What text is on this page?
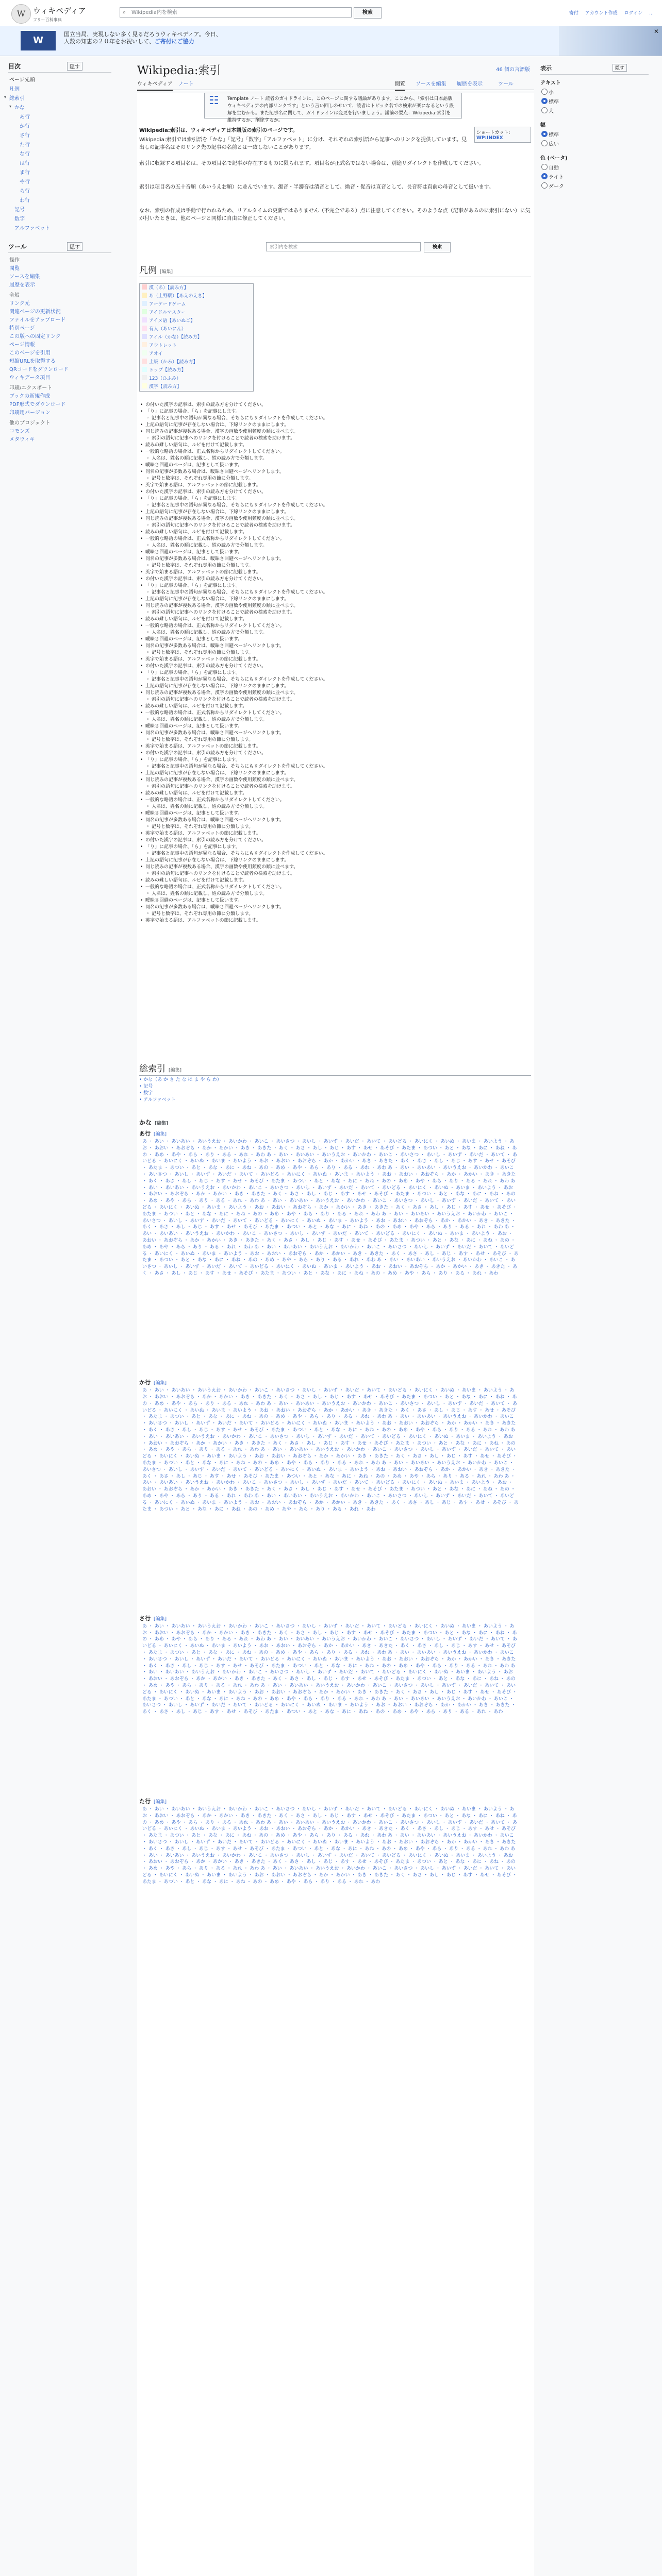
W ウィキペディア
フリー百科事典
Wikipedia内を検索
⌕	検索	寄付 アカウント作成 ログイン …
W
国立当局、実現しない多く見るだろうウィキペディア。今日、
人数の知恵の２０年をお祝いして、ご寄付にご協力
✕
目次	隠す
ページ先頭
凡例
▾ 総索引
▾ かな
あ行
か行
さ行
た行
な行
は行
ま行
や行
ら行
わ行
記号
数字
アルファベット
ツール	隠す
操作
閲覧
ソースを編集
履歴を表示
全般
リンク元
関連ページの更新状況
ファイルをアップロード
特別ページ
この版への固定リンク
ページ情報
このページを引用
短縮URLを取得する
QRコードをダウンロード
ウィキデータ項目
印刷/エクスポート
ブックの新規作成
PDF形式でダウンロード
印刷用バージョン
他のプロジェクト
コモンズ
メタウィキ
Wikipedia:索引	46 個の言語版
ウィキペディア ノート	閲覧 ソースを編集 履歴を表示	ツール
☷	Template ノート 読者のガイドラインに、このページに関する議論があります。ここから、「索引は日本語版ウィキペディアの内部リンクです」という言い回しのせいで、読者はトピック名での検索が楽になるという誤解を生むかも。また記事名に関して、ガイドラインは変更を行いましょう。議論の要点：Wikipedia:索引を維持するか、削除するか。
ショートカット:
WP:INDEX
Wikipedia:索引は、ウィキペディア日本語版の索引のページです。
Wikipedia:索引では索引語を「かな」「記号」「数字」「アルファベット」に分け、それぞれの索引語から記事へのリンクを提供しています。見出しの記事名はそのリンク先の記事の名前とは一致しないことがあります。
索引に収録する項目名は、その項目名で記事が存在するものに限られます。項目名が正式名ではない場合は、別途リダイレクトを作成してください。
索引は項目名の五十音順（あいうえお順）に並んでいます。濁音・半濁音は清音として、拗音・促音は直音として、長音符は直前の母音として扱います。
なお、索引の作成は手動で行われるため、リアルタイムの更新ではありません（不完全である）点に注意してください。そのような点（記事があるのに索引にない）に気が付いたときは、他のページと同様に自由に修正してください。
索引内を検索	検索
凡例 [編集]
漢（あ）【読み方】
あ（上野駅）【あえのえき】
アーケードゲーム
アイドルマスター
アイヌ語【あいぬご】
有人（あいにん）
アイル（かな）【読み方】
アウトレット
アオイ
上級（かみ）【読み方】
トップ【読み方】
123（ひふみ）
漢字【読み方】
• の付いた漢字の記事は、索引の読み方を分けてください。
• 「り」に記事の場合、「ら」を記事にします。
◦ 記事名と記事中の語句が異なる場合、そちらにもリダイレクトを作成してください。
• 上記の語句に記事が存在しない場合は、下線リンクのままにします。
• 同じ読みの記事が複数ある場合、漢字の画数や使用頻度の順に並べます。
◦ 索引の語句に記事へのリンクを付けることで読者の検索を助けます。
• 読みの難しい語句は、ルビを付けて記載します。
• 一般的な略語の場合は、正式名称からリダイレクトしてください。
◦ 人名は、姓名の順に記載し、姓の読み方で分類します。
• 曖昧さ回避のページは、記事として扱います。
• 同名の記事が多数ある場合は、曖昧さ回避ページへリンクします。
◦ 記号と数字は、それぞれ専用の節に分類します。
• 英字で始まる語は、アルファベットの節に記載します。
• の付いた漢字の記事は、索引の読み方を分けてください。
• 「り」に記事の場合、「ら」を記事にします。
◦ 記事名と記事中の語句が異なる場合、そちらにもリダイレクトを作成してください。
• 上記の語句に記事が存在しない場合は、下線リンクのままにします。
• 同じ読みの記事が複数ある場合、漢字の画数や使用頻度の順に並べます。
◦ 索引の語句に記事へのリンクを付けることで読者の検索を助けます。
• 読みの難しい語句は、ルビを付けて記載します。
• 一般的な略語の場合は、正式名称からリダイレクトしてください。
◦ 人名は、姓名の順に記載し、姓の読み方で分類します。
• 曖昧さ回避のページは、記事として扱います。
• 同名の記事が多数ある場合は、曖昧さ回避ページへリンクします。
◦ 記号と数字は、それぞれ専用の節に分類します。
• 英字で始まる語は、アルファベットの節に記載します。
• の付いた漢字の記事は、索引の読み方を分けてください。
• 「り」に記事の場合、「ら」を記事にします。
◦ 記事名と記事中の語句が異なる場合、そちらにもリダイレクトを作成してください。
• 上記の語句に記事が存在しない場合は、下線リンクのままにします。
• 同じ読みの記事が複数ある場合、漢字の画数や使用頻度の順に並べます。
◦ 索引の語句に記事へのリンクを付けることで読者の検索を助けます。
• 読みの難しい語句は、ルビを付けて記載します。
• 一般的な略語の場合は、正式名称からリダイレクトしてください。
◦ 人名は、姓名の順に記載し、姓の読み方で分類します。
• 曖昧さ回避のページは、記事として扱います。
• 同名の記事が多数ある場合は、曖昧さ回避ページへリンクします。
◦ 記号と数字は、それぞれ専用の節に分類します。
• 英字で始まる語は、アルファベットの節に記載します。
• の付いた漢字の記事は、索引の読み方を分けてください。
• 「り」に記事の場合、「ら」を記事にします。
◦ 記事名と記事中の語句が異なる場合、そちらにもリダイレクトを作成してください。
• 上記の語句に記事が存在しない場合は、下線リンクのままにします。
• 同じ読みの記事が複数ある場合、漢字の画数や使用頻度の順に並べます。
◦ 索引の語句に記事へのリンクを付けることで読者の検索を助けます。
• 読みの難しい語句は、ルビを付けて記載します。
• 一般的な略語の場合は、正式名称からリダイレクトしてください。
◦ 人名は、姓名の順に記載し、姓の読み方で分類します。
• 曖昧さ回避のページは、記事として扱います。
• 同名の記事が多数ある場合は、曖昧さ回避ページへリンクします。
◦ 記号と数字は、それぞれ専用の節に分類します。
• 英字で始まる語は、アルファベットの節に記載します。
• の付いた漢字の記事は、索引の読み方を分けてください。
• 「り」に記事の場合、「ら」を記事にします。
◦ 記事名と記事中の語句が異なる場合、そちらにもリダイレクトを作成してください。
• 上記の語句に記事が存在しない場合は、下線リンクのままにします。
• 同じ読みの記事が複数ある場合、漢字の画数や使用頻度の順に並べます。
◦ 索引の語句に記事へのリンクを付けることで読者の検索を助けます。
• 読みの難しい語句は、ルビを付けて記載します。
• 一般的な略語の場合は、正式名称からリダイレクトしてください。
◦ 人名は、姓名の順に記載し、姓の読み方で分類します。
• 曖昧さ回避のページは、記事として扱います。
• 同名の記事が多数ある場合は、曖昧さ回避ページへリンクします。
◦ 記号と数字は、それぞれ専用の節に分類します。
• 英字で始まる語は、アルファベットの節に記載します。
• の付いた漢字の記事は、索引の読み方を分けてください。
• 「り」に記事の場合、「ら」を記事にします。
◦ 記事名と記事中の語句が異なる場合、そちらにもリダイレクトを作成してください。
• 上記の語句に記事が存在しない場合は、下線リンクのままにします。
• 同じ読みの記事が複数ある場合、漢字の画数や使用頻度の順に並べます。
◦ 索引の語句に記事へのリンクを付けることで読者の検索を助けます。
• 読みの難しい語句は、ルビを付けて記載します。
• 一般的な略語の場合は、正式名称からリダイレクトしてください。
◦ 人名は、姓名の順に記載し、姓の読み方で分類します。
• 曖昧さ回避のページは、記事として扱います。
• 同名の記事が多数ある場合は、曖昧さ回避ページへリンクします。
◦ 記号と数字は、それぞれ専用の節に分類します。
• 英字で始まる語は、アルファベットの節に記載します。
総索引 [編集]
• かな（あ か さ た な は ま や ら わ）
• 記号
• 数字
• アルファベット
かな [編集]
あ行 [編集]
あ ・ あい ・ あいあい ・ あいうえお ・ あいかわ ・ あいこ ・ あいさつ ・ あいし ・ あいず ・ あいだ ・ あいて ・ あいどる ・ あいにく ・ あいぬ ・ あいま ・ あいよう ・ あお ・ あおい ・ あおぞら ・ あか ・ あかい ・ あき ・ あきた ・ あく ・ あさ ・ あし ・ あじ ・ あす ・ あせ ・ あそび ・ あたま ・ あつい ・ あと ・ あな ・ あに ・ あね ・ あの ・ あめ ・ あや ・ あら ・ あり ・ ある ・ あれ ・ あわ あ ・ あい ・ あいあい ・ あいうえお ・ あいかわ ・ あいこ ・ あいさつ ・ あいし ・ あいず ・ あいだ ・ あいて ・ あいどる ・ あいにく ・ あいぬ ・ あいま ・ あいよう ・ あお ・ あおい ・ あおぞら ・ あか ・ あかい ・ あき ・ あきた ・ あく ・ あさ ・ あし ・ あじ ・ あす ・ あせ ・ あそび ・ あたま ・ あつい ・ あと ・ あな ・ あに ・ あね ・ あの ・ あめ ・ あや ・ あら ・ あり ・ ある ・ あれ ・ あわ あ ・ あい ・ あいあい ・ あいうえお ・ あいかわ ・ あいこ ・ あいさつ ・ あいし ・ あいず ・ あいだ ・ あいて ・ あいどる ・ あいにく ・ あいぬ ・ あいま ・ あいよう ・ あお ・ あおい ・ あおぞら ・ あか ・ あかい ・ あき ・ あきた ・ あく ・ あさ ・ あし ・ あじ ・ あす ・ あせ ・ あそび ・ あたま ・ あつい ・ あと ・ あな ・ あに ・ あね ・ あの ・ あめ ・ あや ・ あら ・ あり ・ ある ・ あれ ・ あわ あ ・ あい ・ あいあい ・ あいうえお ・ あいかわ ・ あいこ ・ あいさつ ・ あいし ・ あいず ・ あいだ ・ あいて ・ あいどる ・ あいにく ・ あいぬ ・ あいま ・ あいよう ・ あお ・ あおい ・ あおぞら ・ あか ・ あかい ・ あき ・ あきた ・ あく ・ あさ ・ あし ・ あじ ・ あす ・ あせ ・ あそび ・ あたま ・ あつい ・ あと ・ あな ・ あに ・ あね ・ あの ・ あめ ・ あや ・ あら ・ あり ・ ある ・ あれ ・ あわ あ ・ あい ・ あいあい ・ あいうえお ・ あいかわ ・ あいこ ・ あいさつ ・ あいし ・ あいず ・ あいだ ・ あいて ・ あいどる ・ あいにく ・ あいぬ ・ あいま ・ あいよう ・ あお ・ あおい ・ あおぞら ・ あか ・ あかい ・ あき ・ あきた ・ あく ・ あさ ・ あし ・ あじ ・ あす ・ あせ ・ あそび ・ あたま ・ あつい ・ あと ・ あな ・ あに ・ あね ・ あの ・ あめ ・ あや ・ あら ・ あり ・ ある ・ あれ ・ あわ あ ・ あい ・ あいあい ・ あいうえお ・ あいかわ ・ あいこ ・ あいさつ ・ あいし ・ あいず ・ あいだ ・ あいて ・ あいどる ・ あいにく ・ あいぬ ・ あいま ・ あいよう ・ あお ・ あおい ・ あおぞら ・ あか ・ あかい ・ あき ・ あきた ・ あく ・ あさ ・ あし ・ あじ ・ あす ・ あせ ・ あそび ・ あたま ・ あつい ・ あと ・ あな ・ あに ・ あね ・ あの ・ あめ ・ あや ・ あら ・ あり ・ ある ・ あれ ・ あわ あ ・ あい ・ あいあい ・ あいうえお ・ あいかわ ・ あいこ ・ あいさつ ・ あいし ・ あいず ・ あいだ ・ あいて ・ あいどる ・ あいにく ・ あいぬ ・ あいま ・ あいよう ・ あお ・ あおい ・ あおぞら ・ あか ・ あかい ・ あき ・ あきた ・ あく ・ あさ ・ あし ・ あじ ・ あす ・ あせ ・ あそび ・ あたま ・ あつい ・ あと ・ あな ・ あに ・ あね ・ あの ・ あめ ・ あや ・ あら ・ あり ・ ある ・ あれ ・ あわ あ ・ あい ・ あいあい ・ あいうえお ・ あいかわ ・ あいこ ・ あいさつ ・ あいし ・ あいず ・ あいだ ・ あいて ・ あいどる ・ あいにく ・ あいぬ ・ あいま ・ あいよう ・ あお ・ あおい ・ あおぞら ・ あか ・ あかい ・ あき ・ あきた ・ あく ・ あさ ・ あし ・ あじ ・ あす ・ あせ ・ あそび ・ あたま ・ あつい ・ あと ・ あな ・ あに ・ あね ・ あの ・ あめ ・ あや ・ あら ・ あり ・ ある ・ あれ ・ あわ あ ・ あい ・ あいあい ・ あいうえお ・ あいかわ ・ あいこ ・ あいさつ ・ あいし ・ あいず ・ あいだ ・ あいて ・ あいどる ・ あいにく ・ あいぬ ・ あいま ・ あいよう ・ あお ・ あおい ・ あおぞら ・ あか ・ あかい ・ あき ・ あきた ・ あく ・ あさ ・ あし ・ あじ ・ あす ・ あせ ・ あそび ・ あたま ・ あつい ・ あと ・ あな ・ あに ・ あね ・ あの ・ あめ ・ あや ・ あら ・ あり ・ ある ・ あれ ・ あわ
か行 [編集]
あ ・ あい ・ あいあい ・ あいうえお ・ あいかわ ・ あいこ ・ あいさつ ・ あいし ・ あいず ・ あいだ ・ あいて ・ あいどる ・ あいにく ・ あいぬ ・ あいま ・ あいよう ・ あお ・ あおい ・ あおぞら ・ あか ・ あかい ・ あき ・ あきた ・ あく ・ あさ ・ あし ・ あじ ・ あす ・ あせ ・ あそび ・ あたま ・ あつい ・ あと ・ あな ・ あに ・ あね ・ あの ・ あめ ・ あや ・ あら ・ あり ・ ある ・ あれ ・ あわ あ ・ あい ・ あいあい ・ あいうえお ・ あいかわ ・ あいこ ・ あいさつ ・ あいし ・ あいず ・ あいだ ・ あいて ・ あいどる ・ あいにく ・ あいぬ ・ あいま ・ あいよう ・ あお ・ あおい ・ あおぞら ・ あか ・ あかい ・ あき ・ あきた ・ あく ・ あさ ・ あし ・ あじ ・ あす ・ あせ ・ あそび ・ あたま ・ あつい ・ あと ・ あな ・ あに ・ あね ・ あの ・ あめ ・ あや ・ あら ・ あり ・ ある ・ あれ ・ あわ あ ・ あい ・ あいあい ・ あいうえお ・ あいかわ ・ あいこ ・ あいさつ ・ あいし ・ あいず ・ あいだ ・ あいて ・ あいどる ・ あいにく ・ あいぬ ・ あいま ・ あいよう ・ あお ・ あおい ・ あおぞら ・ あか ・ あかい ・ あき ・ あきた ・ あく ・ あさ ・ あし ・ あじ ・ あす ・ あせ ・ あそび ・ あたま ・ あつい ・ あと ・ あな ・ あに ・ あね ・ あの ・ あめ ・ あや ・ あら ・ あり ・ ある ・ あれ ・ あわ あ ・ あい ・ あいあい ・ あいうえお ・ あいかわ ・ あいこ ・ あいさつ ・ あいし ・ あいず ・ あいだ ・ あいて ・ あいどる ・ あいにく ・ あいぬ ・ あいま ・ あいよう ・ あお ・ あおい ・ あおぞら ・ あか ・ あかい ・ あき ・ あきた ・ あく ・ あさ ・ あし ・ あじ ・ あす ・ あせ ・ あそび ・ あたま ・ あつい ・ あと ・ あな ・ あに ・ あね ・ あの ・ あめ ・ あや ・ あら ・ あり ・ ある ・ あれ ・ あわ あ ・ あい ・ あいあい ・ あいうえお ・ あいかわ ・ あいこ ・ あいさつ ・ あいし ・ あいず ・ あいだ ・ あいて ・ あいどる ・ あいにく ・ あいぬ ・ あいま ・ あいよう ・ あお ・ あおい ・ あおぞら ・ あか ・ あかい ・ あき ・ あきた ・ あく ・ あさ ・ あし ・ あじ ・ あす ・ あせ ・ あそび ・ あたま ・ あつい ・ あと ・ あな ・ あに ・ あね ・ あの ・ あめ ・ あや ・ あら ・ あり ・ ある ・ あれ ・ あわ あ ・ あい ・ あいあい ・ あいうえお ・ あいかわ ・ あいこ ・ あいさつ ・ あいし ・ あいず ・ あいだ ・ あいて ・ あいどる ・ あいにく ・ あいぬ ・ あいま ・ あいよう ・ あお ・ あおい ・ あおぞら ・ あか ・ あかい ・ あき ・ あきた ・ あく ・ あさ ・ あし ・ あじ ・ あす ・ あせ ・ あそび ・ あたま ・ あつい ・ あと ・ あな ・ あに ・ あね ・ あの ・ あめ ・ あや ・ あら ・ あり ・ ある ・ あれ ・ あわ あ ・ あい ・ あいあい ・ あいうえお ・ あいかわ ・ あいこ ・ あいさつ ・ あいし ・ あいず ・ あいだ ・ あいて ・ あいどる ・ あいにく ・ あいぬ ・ あいま ・ あいよう ・ あお ・ あおい ・ あおぞら ・ あか ・ あかい ・ あき ・ あきた ・ あく ・ あさ ・ あし ・ あじ ・ あす ・ あせ ・ あそび ・ あたま ・ あつい ・ あと ・ あな ・ あに ・ あね ・ あの ・ あめ ・ あや ・ あら ・ あり ・ ある ・ あれ ・ あわ あ ・ あい ・ あいあい ・ あいうえお ・ あいかわ ・ あいこ ・ あいさつ ・ あいし ・ あいず ・ あいだ ・ あいて ・ あいどる ・ あいにく ・ あいぬ ・ あいま ・ あいよう ・ あお ・ あおい ・ あおぞら ・ あか ・ あかい ・ あき ・ あきた ・ あく ・ あさ ・ あし ・ あじ ・ あす ・ あせ ・ あそび ・ あたま ・ あつい ・ あと ・ あな ・ あに ・ あね ・ あの ・ あめ ・ あや ・ あら ・ あり ・ ある ・ あれ ・ あわ
さ行 [編集]
あ ・ あい ・ あいあい ・ あいうえお ・ あいかわ ・ あいこ ・ あいさつ ・ あいし ・ あいず ・ あいだ ・ あいて ・ あいどる ・ あいにく ・ あいぬ ・ あいま ・ あいよう ・ あお ・ あおい ・ あおぞら ・ あか ・ あかい ・ あき ・ あきた ・ あく ・ あさ ・ あし ・ あじ ・ あす ・ あせ ・ あそび ・ あたま ・ あつい ・ あと ・ あな ・ あに ・ あね ・ あの ・ あめ ・ あや ・ あら ・ あり ・ ある ・ あれ ・ あわ あ ・ あい ・ あいあい ・ あいうえお ・ あいかわ ・ あいこ ・ あいさつ ・ あいし ・ あいず ・ あいだ ・ あいて ・ あいどる ・ あいにく ・ あいぬ ・ あいま ・ あいよう ・ あお ・ あおい ・ あおぞら ・ あか ・ あかい ・ あき ・ あきた ・ あく ・ あさ ・ あし ・ あじ ・ あす ・ あせ ・ あそび ・ あたま ・ あつい ・ あと ・ あな ・ あに ・ あね ・ あの ・ あめ ・ あや ・ あら ・ あり ・ ある ・ あれ ・ あわ あ ・ あい ・ あいあい ・ あいうえお ・ あいかわ ・ あいこ ・ あいさつ ・ あいし ・ あいず ・ あいだ ・ あいて ・ あいどる ・ あいにく ・ あいぬ ・ あいま ・ あいよう ・ あお ・ あおい ・ あおぞら ・ あか ・ あかい ・ あき ・ あきた ・ あく ・ あさ ・ あし ・ あじ ・ あす ・ あせ ・ あそび ・ あたま ・ あつい ・ あと ・ あな ・ あに ・ あね ・ あの ・ あめ ・ あや ・ あら ・ あり ・ ある ・ あれ ・ あわ あ ・ あい ・ あいあい ・ あいうえお ・ あいかわ ・ あいこ ・ あいさつ ・ あいし ・ あいず ・ あいだ ・ あいて ・ あいどる ・ あいにく ・ あいぬ ・ あいま ・ あいよう ・ あお ・ あおい ・ あおぞら ・ あか ・ あかい ・ あき ・ あきた ・ あく ・ あさ ・ あし ・ あじ ・ あす ・ あせ ・ あそび ・ あたま ・ あつい ・ あと ・ あな ・ あに ・ あね ・ あの ・ あめ ・ あや ・ あら ・ あり ・ ある ・ あれ ・ あわ あ ・ あい ・ あいあい ・ あいうえお ・ あいかわ ・ あいこ ・ あいさつ ・ あいし ・ あいず ・ あいだ ・ あいて ・ あいどる ・ あいにく ・ あいぬ ・ あいま ・ あいよう ・ あお ・ あおい ・ あおぞら ・ あか ・ あかい ・ あき ・ あきた ・ あく ・ あさ ・ あし ・ あじ ・ あす ・ あせ ・ あそび ・ あたま ・ あつい ・ あと ・ あな ・ あに ・ あね ・ あの ・ あめ ・ あや ・ あら ・ あり ・ ある ・ あれ ・ あわ あ ・ あい ・ あいあい ・ あいうえお ・ あいかわ ・ あいこ ・ あいさつ ・ あいし ・ あいず ・ あいだ ・ あいて ・ あいどる ・ あいにく ・ あいぬ ・ あいま ・ あいよう ・ あお ・ あおい ・ あおぞら ・ あか ・ あかい ・ あき ・ あきた ・ あく ・ あさ ・ あし ・ あじ ・ あす ・ あせ ・ あそび ・ あたま ・ あつい ・ あと ・ あな ・ あに ・ あね ・ あの ・ あめ ・ あや ・ あら ・ あり ・ ある ・ あれ ・ あわ
た行 [編集]
あ ・ あい ・ あいあい ・ あいうえお ・ あいかわ ・ あいこ ・ あいさつ ・ あいし ・ あいず ・ あいだ ・ あいて ・ あいどる ・ あいにく ・ あいぬ ・ あいま ・ あいよう ・ あお ・ あおい ・ あおぞら ・ あか ・ あかい ・ あき ・ あきた ・ あく ・ あさ ・ あし ・ あじ ・ あす ・ あせ ・ あそび ・ あたま ・ あつい ・ あと ・ あな ・ あに ・ あね ・ あの ・ あめ ・ あや ・ あら ・ あり ・ ある ・ あれ ・ あわ あ ・ あい ・ あいあい ・ あいうえお ・ あいかわ ・ あいこ ・ あいさつ ・ あいし ・ あいず ・ あいだ ・ あいて ・ あいどる ・ あいにく ・ あいぬ ・ あいま ・ あいよう ・ あお ・ あおい ・ あおぞら ・ あか ・ あかい ・ あき ・ あきた ・ あく ・ あさ ・ あし ・ あじ ・ あす ・ あせ ・ あそび ・ あたま ・ あつい ・ あと ・ あな ・ あに ・ あね ・ あの ・ あめ ・ あや ・ あら ・ あり ・ ある ・ あれ ・ あわ あ ・ あい ・ あいあい ・ あいうえお ・ あいかわ ・ あいこ ・ あいさつ ・ あいし ・ あいず ・ あいだ ・ あいて ・ あいどる ・ あいにく ・ あいぬ ・ あいま ・ あいよう ・ あお ・ あおい ・ あおぞら ・ あか ・ あかい ・ あき ・ あきた ・ あく ・ あさ ・ あし ・ あじ ・ あす ・ あせ ・ あそび ・ あたま ・ あつい ・ あと ・ あな ・ あに ・ あね ・ あの ・ あめ ・ あや ・ あら ・ あり ・ ある ・ あれ ・ あわ あ ・ あい ・ あいあい ・ あいうえお ・ あいかわ ・ あいこ ・ あいさつ ・ あいし ・ あいず ・ あいだ ・ あいて ・ あいどる ・ あいにく ・ あいぬ ・ あいま ・ あいよう ・ あお ・ あおい ・ あおぞら ・ あか ・ あかい ・ あき ・ あきた ・ あく ・ あさ ・ あし ・ あじ ・ あす ・ あせ ・ あそび ・ あたま ・ あつい ・ あと ・ あな ・ あに ・ あね ・ あの ・ あめ ・ あや ・ あら ・ あり ・ ある ・ あれ ・ あわ あ ・ あい ・ あいあい ・ あいうえお ・ あいかわ ・ あいこ ・ あいさつ ・ あいし ・ あいず ・ あいだ ・ あいて ・ あいどる ・ あいにく ・ あいぬ ・ あいま ・ あいよう ・ あお ・ あおい ・ あおぞら ・ あか ・ あかい ・ あき ・ あきた ・ あく ・ あさ ・ あし ・ あじ ・ あす ・ あせ ・ あそび ・ あたま ・ あつい ・ あと ・ あな ・ あに ・ あね ・ あの ・ あめ ・ あや ・ あら ・ あり ・ ある ・ あれ ・ あわ
表示	隠す
テキスト
小
標準
大
幅
標準
広い
色 (ベータ)
自動
ライト
ダーク
